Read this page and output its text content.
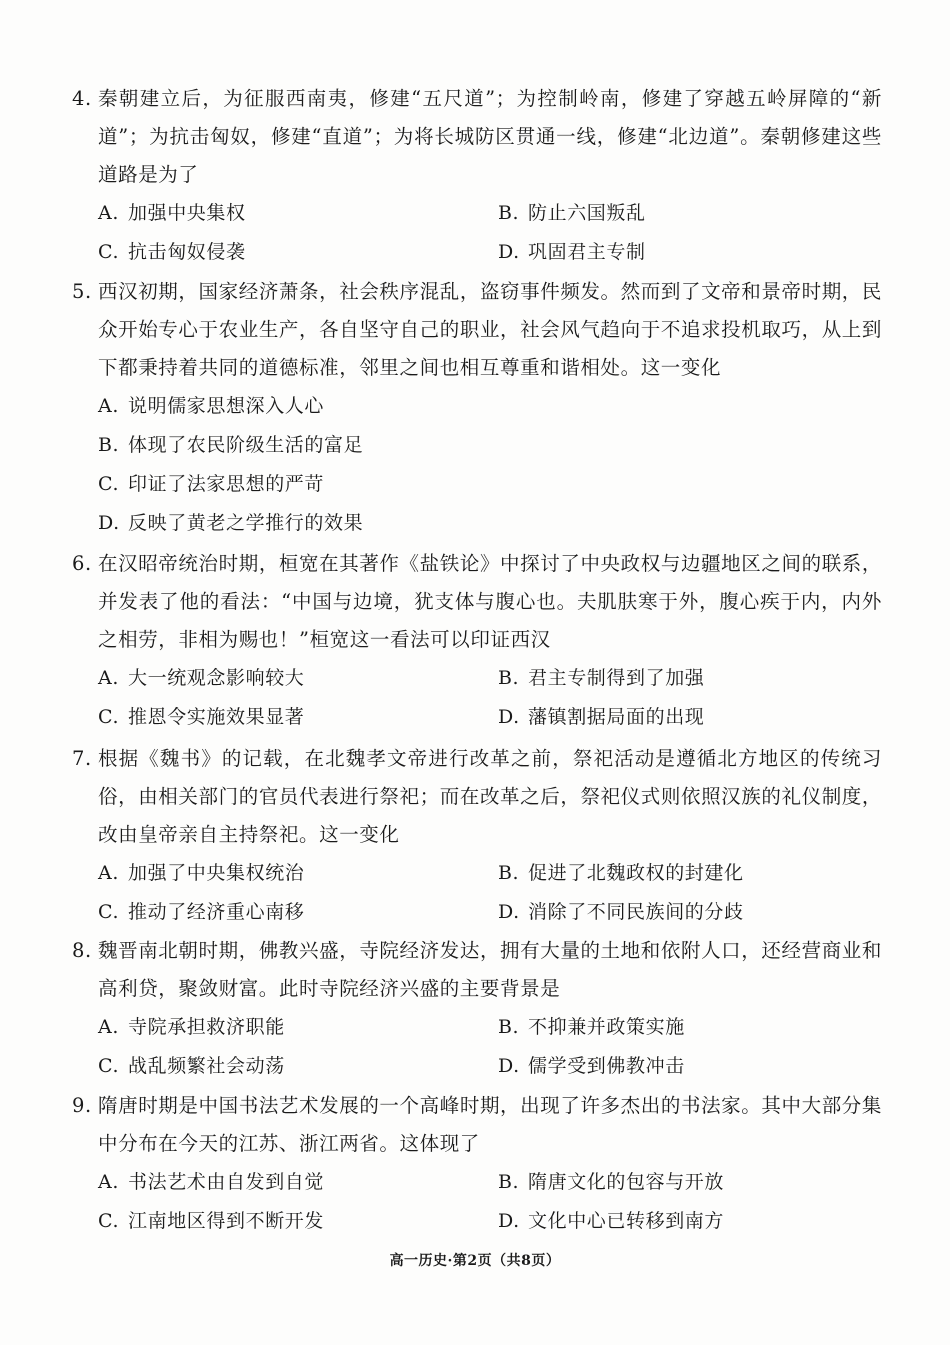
4. 秦朝建立后，为征服西南夷，修建“五尺道”；为控制岭南，修建了穿越五岭屏障的“新道”；为抗击匈奴，修建“直道”；为将长城防区贯通一线，修建“北边道”。秦朝修建这些道路是为了
A. 加强中央集权	B. 防止六国叛乱
C. 抗击匈奴侵袭	D. 巩固君主专制
5. 西汉初期，国家经济萧条，社会秩序混乱，盗窃事件频发。然而到了文帝和景帝时期，民众开始专心于农业生产，各自坚守自己的职业，社会风气趋向于不追求投机取巧，从上到下都秉持着共同的道德标准，邻里之间也相互尊重和谐相处。这一变化
A. 说明儒家思想深入人心
B. 体现了农民阶级生活的富足
C. 印证了法家思想的严苛
D. 反映了黄老之学推行的效果
6. 在汉昭帝统治时期，桓宽在其著作《盐铁论》中探讨了中央政权与边疆地区之间的联系，并发表了他的看法：“中国与边境，犹支体与腹心也。夫肌肤寒于外，腹心疾于内，内外之相劳，非相为赐也！”桓宽这一看法可以印证西汉
A. 大一统观念影响较大	B. 君主专制得到了加强
C. 推恩令实施效果显著	D. 藩镇割据局面的出现
7. 根据《魏书》的记载，在北魏孝文帝进行改革之前，祭祀活动是遵循北方地区的传统习俗，由相关部门的官员代表进行祭祀；而在改革之后，祭祀仪式则依照汉族的礼仪制度，改由皇帝亲自主持祭祀。这一变化
A. 加强了中央集权统治	B. 促进了北魏政权的封建化
C. 推动了经济重心南移	D. 消除了不同民族间的分歧
8. 魏晋南北朝时期，佛教兴盛，寺院经济发达，拥有大量的土地和依附人口，还经营商业和高利贷，聚敛财富。此时寺院经济兴盛的主要背景是
A. 寺院承担救济职能	B. 不抑兼并政策实施
C. 战乱频繁社会动荡	D. 儒学受到佛教冲击
9. 隋唐时期是中国书法艺术发展的一个高峰时期，出现了许多杰出的书法家。其中大部分集中分布在今天的江苏、浙江两省。这体现了
A. 书法艺术由自发到自觉	B. 隋唐文化的包容与开放
C. 江南地区得到不断开发	D. 文化中心已转移到南方
高一历史·第2页（共8页）
